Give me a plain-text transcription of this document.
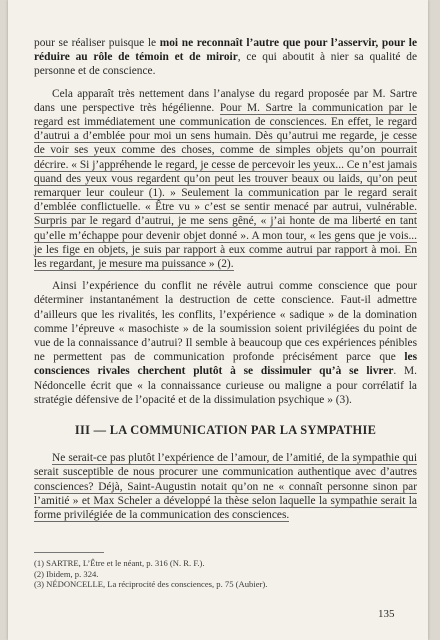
pour se réaliser puisque le moi ne reconnaît l’autre que pour l’asservir, pour le réduire au rôle de témoin et de miroir, ce qui aboutit à nier sa qualité de personne et de conscience.

Cela apparaît très nettement dans l’analyse du regard proposée par M. Sartre dans une perspective très hégélienne. Pour M. Sartre la communication par le regard est immédiatement une communication de consciences. En effet, le regard d’autrui a d’emblée pour moi un sens humain. Dès qu’autrui me regarde, je cesse de voir ses yeux comme des choses, comme de simples objets qu’on pourrait décrire. « Si j’appréhende le regard, je cesse de percevoir les yeux... Ce n’est jamais quand des yeux vous regardent qu’on peut les trouver beaux ou laids, qu’on peut remarquer leur couleur (1). » Seulement la communication par le regard serait d’emblée conflictuelle. « Être vu » c’est se sentir menacé par autrui, vulnérable. Surpris par le regard d’autrui, je me sens gêné, « j’ai honte de ma liberté en tant qu’elle m’échappe pour devenir objet donné ». A mon tour, « les gens que je vois... je les fige en objets, je suis par rapport à eux comme autrui par rapport à moi. En les regardant, je mesure ma puissance » (2).

Ainsi l’expérience du conflit ne révèle autrui comme conscience que pour déterminer instantanément la destruction de cette conscience. Faut-il admettre d’ailleurs que les rivalités, les conflits, l’expérience « sadique » de la domination comme l’épreuve « masochiste » de la soumission soient privilégiées du point de vue de la connaissance d’autrui? Il semble à beaucoup que ces expériences pénibles ne permettent pas de communication profonde précisément parce que les consciences rivales cherchent plutôt à se dissimuler qu’à se livrer. M. Nédoncelle écrit que « la connaissance curieuse ou maligne a pour corrélatif la stratégie défensive de l’opacité et de la dissimulation psychique » (3).

III — LA COMMUNICATION PAR LA SYMPATHIE

Ne serait-ce pas plutôt l’expérience de l’amour, de l’amitié, de la sympathie qui serait susceptible de nous procurer une communication authentique avec d’autres consciences? Déjà, Saint-Augustin notait qu’on ne « connaît personne sinon par l’amitié » et Max Scheler a développé la thèse selon laquelle la sympathie serait la forme privilégiée de la communication des consciences.

(1) SARTRE, L’Être et le néant, p. 316 (N. R. F.).

(2) Ibidem, p. 324.

(3) NÉDONCELLE, La réciprocité des consciences, p. 75 (Aubier).

135
